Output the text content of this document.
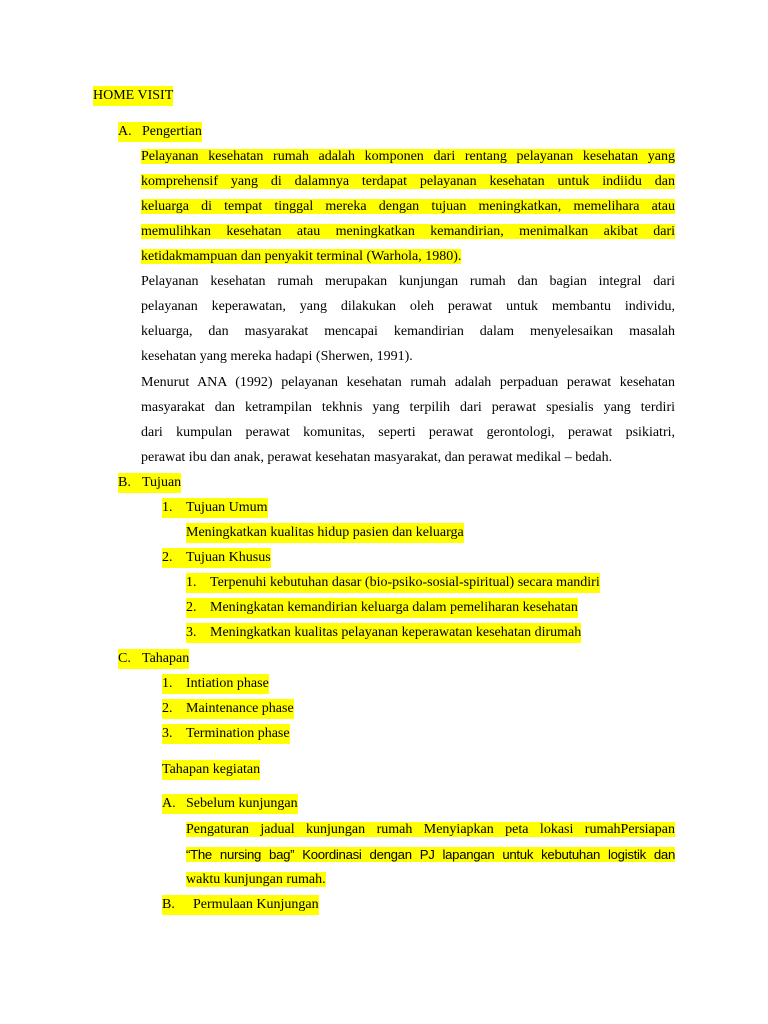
HOME VISIT
A. Pengertian
Pelayanan kesehatan rumah adalah komponen dari rentang pelayanan kesehatan yang
komprehensif yang di dalamnya terdapat pelayanan kesehatan untuk indiidu dan
keluarga di tempat tinggal mereka dengan tujuan meningkatkan, memelihara atau
memulihkan kesehatan atau meningkatkan kemandirian, menimalkan akibat dari
ketidakmampuan dan penyakit terminal (Warhola, 1980).
Pelayanan kesehatan rumah merupakan kunjungan rumah dan bagian integral dari
pelayanan keperawatan, yang dilakukan oleh perawat untuk membantu individu,
keluarga, dan masyarakat mencapai kemandirian dalam menyelesaikan masalah
kesehatan yang mereka hadapi (Sherwen, 1991).
Menurut ANA (1992) pelayanan kesehatan rumah adalah perpaduan perawat kesehatan
masyarakat dan ketrampilan tekhnis yang terpilih dari perawat spesialis yang terdiri
dari kumpulan perawat komunitas, seperti perawat gerontologi, perawat psikiatri,
perawat ibu dan anak, perawat kesehatan masyarakat, dan perawat medikal – bedah.
B. Tujuan
1. Tujuan Umum
Meningkatkan kualitas hidup pasien dan keluarga
2. Tujuan Khusus
1. Terpenuhi kebutuhan dasar (bio-psiko-sosial-spiritual) secara mandiri
2. Meningkatan kemandirian keluarga dalam pemeliharan kesehatan
3. Meningkatkan kualitas pelayanan keperawatan kesehatan dirumah
C. Tahapan
1. Intiation phase
2. Maintenance phase
3. Termination phase
Tahapan kegiatan
A. Sebelum kunjungan
Pengaturan jadual kunjungan rumah Menyiapkan peta lokasi rumahPersiapan
“The nursing bag” Koordinasi dengan PJ lapangan untuk kebutuhan logistik dan
waktu kunjungan rumah.
B. Permulaan Kunjungan
